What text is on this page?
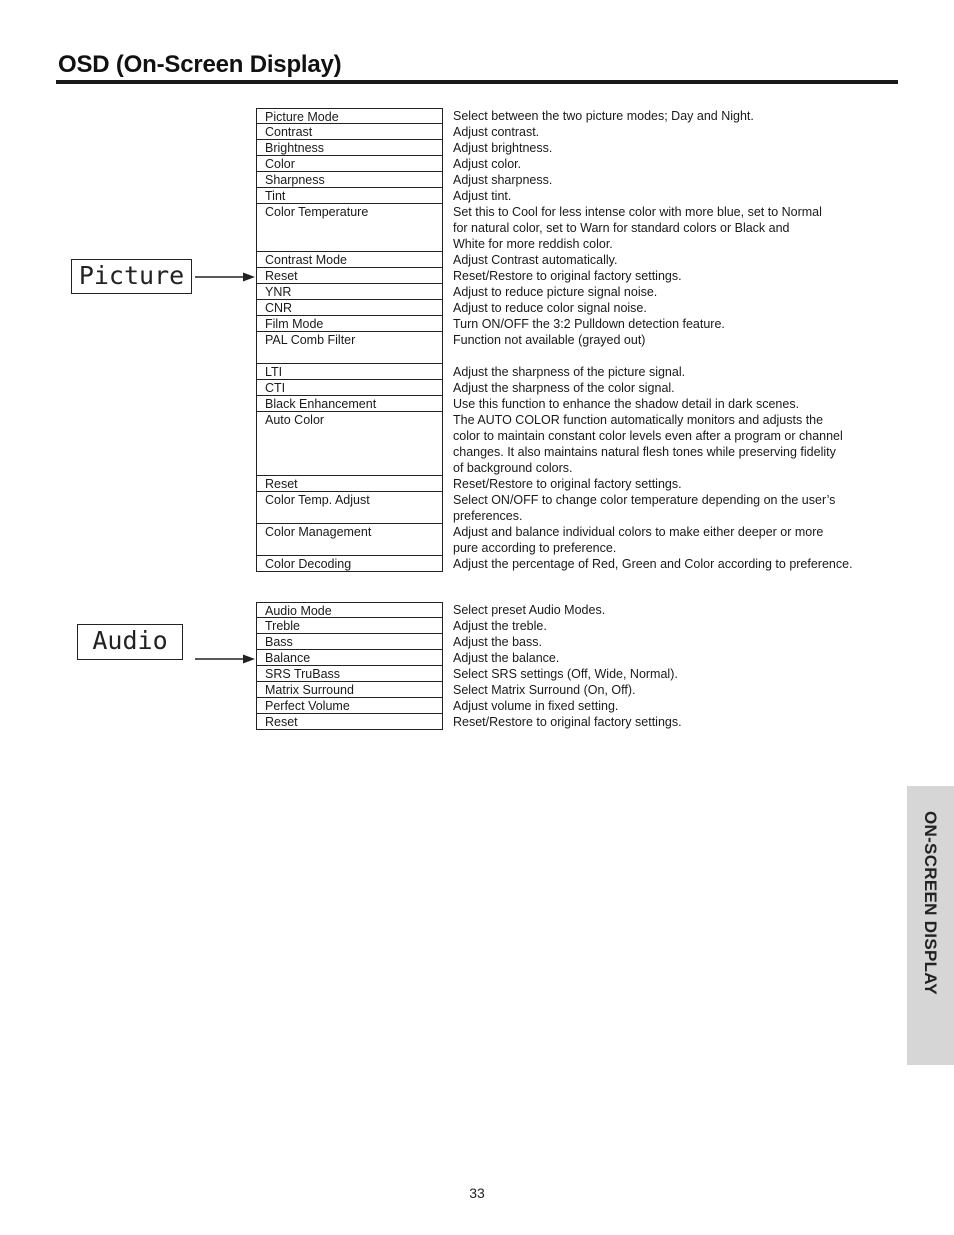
OSD (On-Screen Display)
Picture
Picture Mode	Select between the two picture modes; Day and Night.
Contrast	Adjust contrast.
Brightness	Adjust brightness.
Color	Adjust color.
Sharpness	Adjust sharpness.
Tint	Adjust tint.
Color Temperature	Set this to Cool for less intense color with more blue, set to Normal
for natural color, set to Warn for standard colors or Black and
White for more reddish color.
Contrast Mode	Adjust Contrast automatically.
Reset	Reset/Restore to original factory settings.
YNR	Adjust to reduce picture signal noise.
CNR	Adjust to reduce color signal noise.
Film Mode	Turn ON/OFF the 3:2 Pulldown detection feature.
PAL Comb Filter	Function not available (grayed out)

LTI	Adjust the sharpness of the picture signal.
CTI	Adjust the sharpness of the color signal.
Black Enhancement	Use this function to enhance the shadow detail in dark scenes.
Auto Color	The AUTO COLOR function automatically monitors and adjusts the
color to maintain constant color levels even after a program or channel
changes. It also maintains natural flesh tones while preserving fidelity
of background colors.
Reset	Reset/Restore to original factory settings.
Color Temp. Adjust	Select ON/OFF to change color temperature depending on the user’s
preferences.
Color Management	Adjust and balance individual colors to make either deeper or more
pure according to preference.
Color Decoding	Adjust the percentage of Red, Green and Color according to preference.
Audio
Audio Mode	Select preset Audio Modes.
Treble	Adjust the treble.
Bass	Adjust the bass.
Balance	Adjust the balance.
SRS TruBass	Select SRS settings (Off, Wide, Normal).
Matrix Surround	Select Matrix Surround (On, Off).
Perfect Volume	Adjust volume in fixed setting.
Reset	Reset/Restore to original factory settings.
ON-SCREEN DISPLAY
33
